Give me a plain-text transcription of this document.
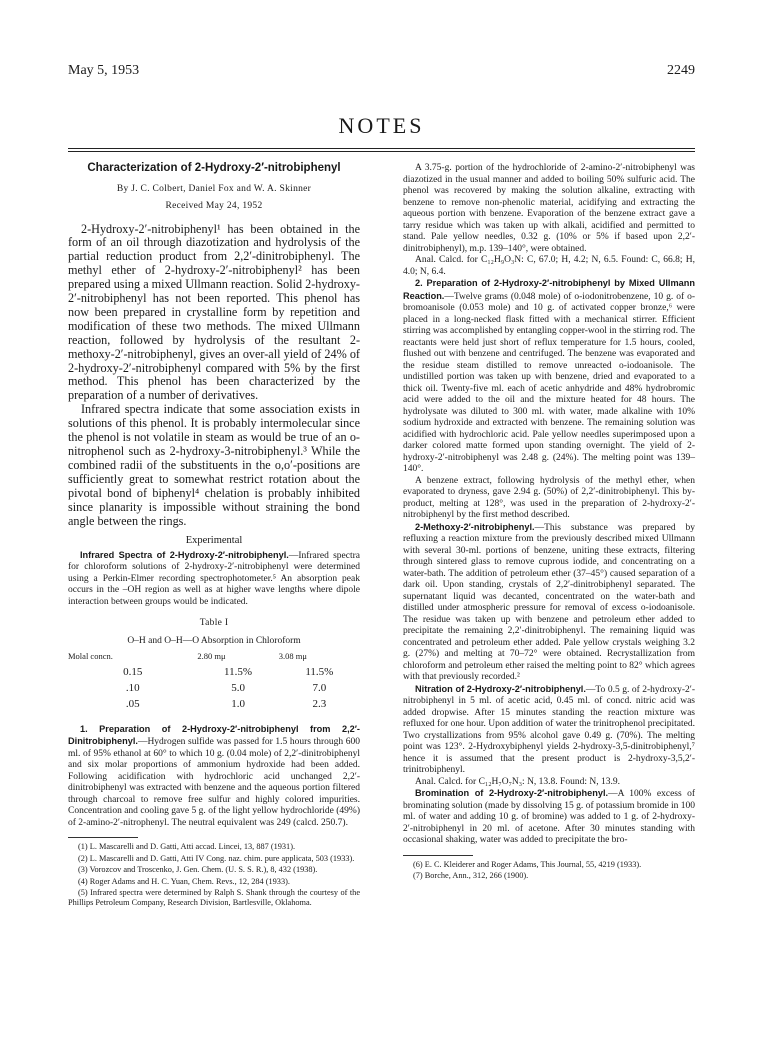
May 5, 1953	2249
NOTES
Characterization of 2-Hydroxy-2′-nitrobiphenyl
By J. C. Colbert, Daniel Fox and W. A. Skinner
Received May 24, 1952

2-Hydroxy-2′-nitrobiphenyl¹ has been obtained in the form of an oil through diazotization and hydrolysis of the partial reduction product from 2,2′-dinitrobiphenyl. The methyl ether of 2-hydroxy-2′-nitrobiphenyl² has been prepared using a mixed Ullmann reaction. Solid 2-hydroxy-2′-nitrobiphenyl has not been reported. This phenol has now been prepared in crystalline form by repetition and modification of these two methods. The mixed Ullmann reaction, followed by hydrolysis of the resultant 2-methoxy-2′-nitrobiphenyl, gives an over-all yield of 24% of 2-hydroxy-2′-nitrobiphenyl compared with 5% by the first method. This phenol has been characterized by the preparation of a number of derivatives.

Infrared spectra indicate that some association exists in solutions of this phenol. It is probably intermolecular since the phenol is not volatile in steam as would be true of an o-nitrophenol such as 2-hydroxy-3-nitrobiphenyl.³ While the combined radii of the substituents in the o,o′-positions are sufficiently great to somewhat restrict rotation about the pivotal bond of biphenyl⁴ chelation is probably inhibited since planarity is impossible without straining the bond angle between the rings.

Experimental

Infrared Spectra of 2-Hydroxy-2′-nitrobiphenyl.—Infrared spectra for chloroform solutions of 2-hydroxy-2′-nitrobiphenyl were determined using a Perkin-Elmer recording spectrophotometer.⁵ An absorption peak occurs in the –OH region as well as at higher wave lengths where dipole interaction between groups would be indicated.

Table I
O–H and O–H—O Absorption in Chloroform
Molal concn.	2.80 mμ	3.08 mμ
0.15	11.5%	11.5%
.10	5.0	7.0
.05	1.0	2.3

1. Preparation of 2-Hydroxy-2′-nitrobiphenyl from 2,2′-Dinitrobiphenyl.—Hydrogen sulfide was passed for 1.5 hours through 600 ml. of 95% ethanol at 60° to which 10 g. (0.04 mole) of 2,2′-dinitrobiphenyl and six molar proportions of ammonium hydroxide had been added. Following acidification with hydrochloric acid unchanged 2,2′-dinitrobiphenyl was extracted with benzene and the aqueous portion filtered through charcoal to remove free sulfur and highly colored impurities. Concentration and cooling gave 5 g. of the light yellow hydrochloride (49%) of 2-amino-2′-nitrophenyl. The neutral equivalent was 249 (calcd. 250.7).

(1) L. Mascarelli and D. Gatti, Atti accad. Lincei, 13, 887 (1931).

(2) L. Mascarelli and D. Gatti, Atti IV Cong. naz. chim. pure applicata, 503 (1933).

(3) Vorozcov and Troscenko, J. Gen. Chem. (U. S. S. R.), 8, 432 (1938).

(4) Roger Adams and H. C. Yuan, Chem. Revs., 12, 284 (1933).

(5) Infrared spectra were determined by Ralph S. Shank through the courtesy of the Phillips Petroleum Company, Research Division, Bartlesville, Oklahoma.

A 3.75-g. portion of the hydrochloride of 2-amino-2′-nitrobiphenyl was diazotized in the usual manner and added to boiling 50% sulfuric acid. The phenol was recovered by making the solution alkaline, extracting with benzene to remove non-phenolic material, acidifying and extracting the aqueous portion with benzene. Evaporation of the benzene extract gave a tarry residue which was taken up with alkali, acidified and permitted to stand. Pale yellow needles, 0.32 g. (10% or 5% if based upon 2,2′-dinitrobiphenyl), m.p. 139–140°, were obtained.

Anal. Calcd. for C₁₂H₉O₃N: C, 67.0; H, 4.2; N, 6.5. Found: C, 66.8; H, 4.0; N, 6.4.

2. Preparation of 2-Hydroxy-2′-nitrobiphenyl by Mixed Ullmann Reaction.—Twelve grams (0.048 mole) of o-iodonitrobenzene, 10 g. of o-bromoanisole (0.053 mole) and 10 g. of activated copper bronze,⁶ were placed in a long-necked flask fitted with a mechanical stirrer. Efficient stirring was accomplished by entangling copper-wool in the stirring rod. The reactants were held just short of reflux temperature for 1.5 hours, cooled, flushed out with benzene and centrifuged. The benzene was evaporated and the residue steam distilled to remove unreacted o-iodoanisole. The undistilled portion was taken up with benzene, dried and evaporated to a thick oil. Twenty-five ml. each of acetic anhydride and 48% hydrobromic acid were added to the oil and the mixture heated for 48 hours. The hydrolysate was diluted to 300 ml. with water, made alkaline with 10% sodium hydroxide and extracted with benzene. The remaining solution was acidified with hydrochloric acid. Pale yellow needles superimposed upon a darker colored matte formed upon standing overnight. The yield of 2-hydroxy-2′-nitrobiphenyl was 2.48 g. (24%). The melting point was 139–140°.

A benzene extract, following hydrolysis of the methyl ether, when evaporated to dryness, gave 2.94 g. (50%) of 2,2′-dinitrobiphenyl. This by-product, melting at 128°, was used in the preparation of 2-hydroxy-2′-nitrobiphenyl by the first method described.

2-Methoxy-2′-nitrobiphenyl.—This substance was prepared by refluxing a reaction mixture from the previously described mixed Ullmann with several 30-ml. portions of benzene, uniting these extracts, filtering through sintered glass to remove cuprous iodide, and concentrating on a water-bath. The addition of petroleum ether (37–45°) caused separation of a dark oil. Upon standing, crystals of 2,2′-dinitrobiphenyl separated. The supernatant liquid was decanted, concentrated on the water-bath and distilled under atmospheric pressure for removal of excess o-iodoanisole. The residue was taken up with benzene and petroleum ether added to precipitate the remaining 2,2′-dinitrobiphenyl. The remaining liquid was concentrated and petroleum ether added. Pale yellow crystals weighing 3.2 g. (27%) and melting at 70–72° were obtained. Recrystallization from chloroform and petroleum ether raised the melting point to 82° which agrees with that previously recorded.²

Nitration of 2-Hydroxy-2′-nitrobiphenyl.—To 0.5 g. of 2-hydroxy-2′-nitrobiphenyl in 5 ml. of acetic acid, 0.45 ml. of concd. nitric acid was added dropwise. After 15 minutes standing the reaction mixture was refluxed for one hour. Upon addition of water the trinitrophenol precipitated. Two crystallizations from 95% alcohol gave 0.49 g. (70%). The melting point was 123°. 2-Hydroxybiphenyl yields 2-hydroxy-3,5-dinitrobiphenyl,⁷ hence it is assumed that the present product is 2-hydroxy-3,5,2′-trinitrobiphenyl.

Anal. Calcd. for C₁₂H₇O₇N₃: N, 13.8. Found: N, 13.9.

Bromination of 2-Hydroxy-2′-nitrobiphenyl.—A 100% excess of brominating solution (made by dissolving 15 g. of potassium bromide in 100 ml. of water and adding 10 g. of bromine) was added to 1 g. of 2-hydroxy-2′-nitrobiphenyl in 20 ml. of acetone. After 30 minutes standing with occasional shaking, water was added to precipitate the bro-

(6) E. C. Kleiderer and Roger Adams, This Journal, 55, 4219 (1933).

(7) Borche, Ann., 312, 266 (1900).
